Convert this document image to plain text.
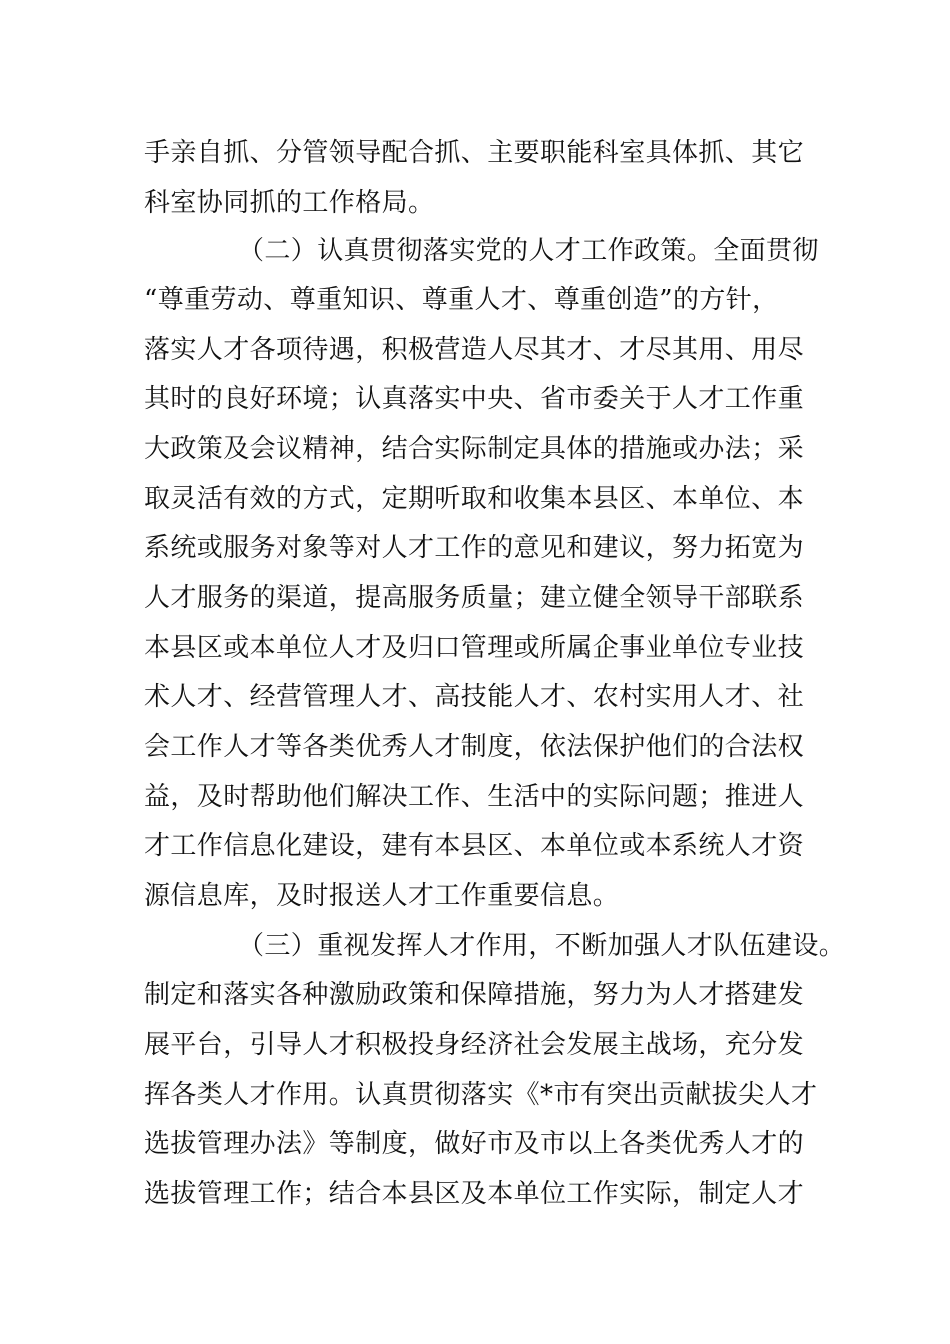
手亲自抓、分管领导配合抓、主要职能科室具体抓、其它
科室协同抓的工作格局。
（二）认真贯彻落实党的人才工作政策。全面贯彻
“尊重劳动、尊重知识、尊重人才、尊重创造”的方针，
落实人才各项待遇，积极营造人尽其才、才尽其用、用尽
其时的良好环境；认真落实中央、省市委关于人才工作重
大政策及会议精神，结合实际制定具体的措施或办法；采
取灵活有效的方式，定期听取和收集本县区、本单位、本
系统或服务对象等对人才工作的意见和建议，努力拓宽为
人才服务的渠道，提高服务质量；建立健全领导干部联系
本县区或本单位人才及归口管理或所属企事业单位专业技
术人才、经营管理人才、高技能人才、农村实用人才、社
会工作人才等各类优秀人才制度，依法保护他们的合法权
益，及时帮助他们解决工作、生活中的实际问题；推进人
才工作信息化建设，建有本县区、本单位或本系统人才资
源信息库，及时报送人才工作重要信息。
（三）重视发挥人才作用，不断加强人才队伍建设。
制定和落实各种激励政策和保障措施，努力为人才搭建发
展平台，引导人才积极投身经济社会发展主战场，充分发
挥各类人才作用。认真贯彻落实《*市有突出贡献拔尖人才
选拔管理办法》等制度，做好市及市以上各类优秀人才的
选拔管理工作；结合本县区及本单位工作实际，制定人才
